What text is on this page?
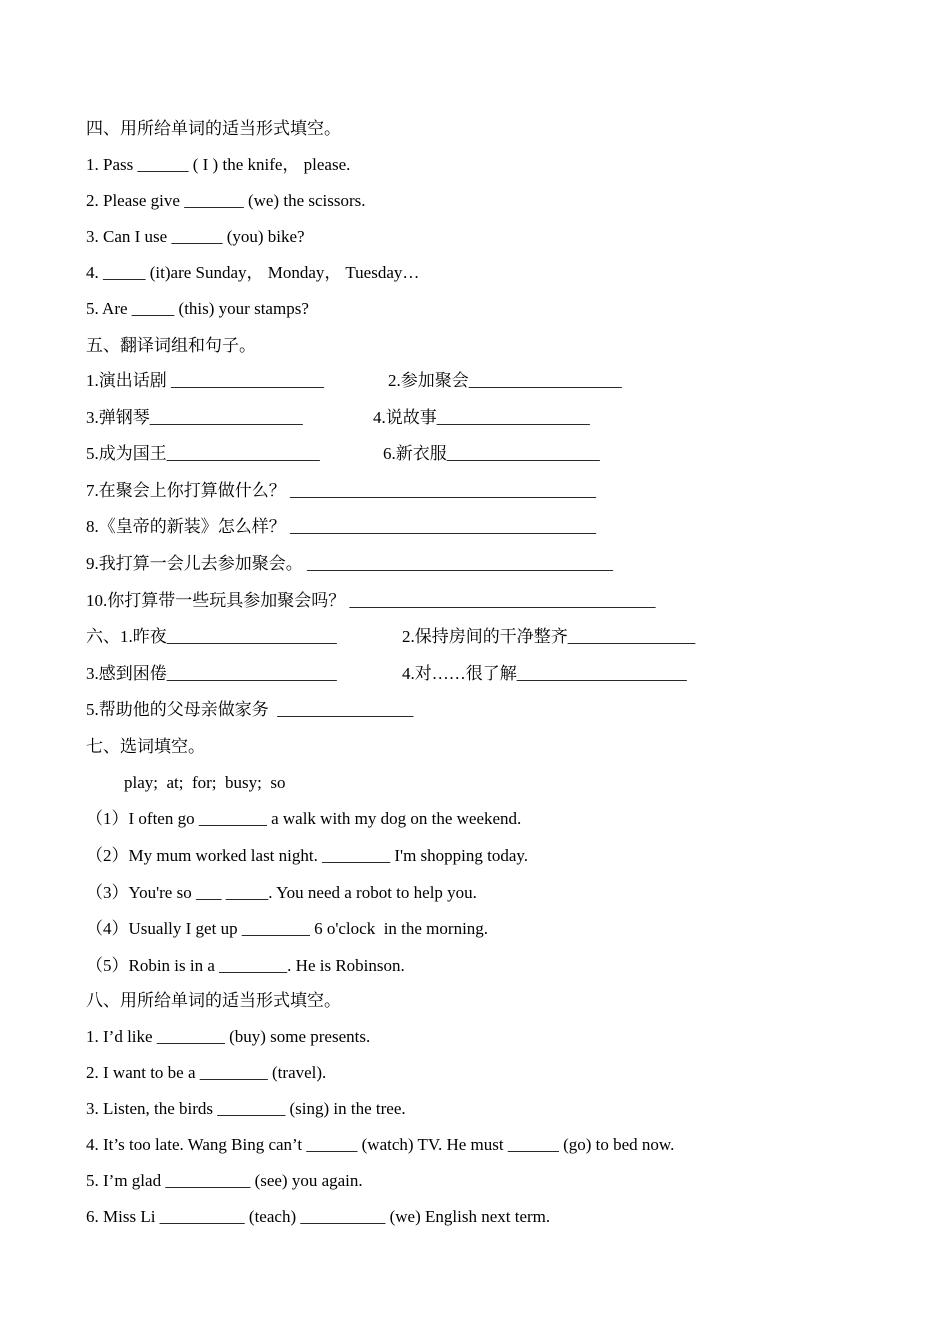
四、用所给单词的适当形式填空。
1. Pass ______ ( I ) the knife， please.
2. Please give _______ (we) the scissors.
3. Can I use ______ (you) bike?
4. _____ (it)are Sunday， Monday， Tuesday…
5. Are _____ (this) your stamps?
五、翻译词组和句子。
1.演出话剧 __________________	2.参加聚会__________________
3.弹钢琴__________________	4.说故事__________________
5.成为国王__________________	6.新衣服__________________
7.在聚会上你打算做什么？ ____________________________________
8.《皇帝的新装》怎么样？ ____________________________________
9.我打算一会儿去参加聚会。 ____________________________________
10.你打算带一些玩具参加聚会吗？ ____________________________________
六、1.昨夜____________________	2.保持房间的干净整齐_______________
3.感到困倦____________________	4.对……很了解____________________
5.帮助他的父母亲做家务  ________________
七、选词填空。
play;  at;  for;  busy;  so
（1）I often go ________ a walk with my dog on the weekend.
（2）My mum worked last night. ________ I'm shopping today.
（3）You're so ___ _____. You need a robot to help you.
（4）Usually I get up ________ 6 o'clock  in the morning.
（5）Robin is in a ________. He is Robinson.
八、用所给单词的适当形式填空。
1. I’d like ________ (buy) some presents.
2. I want to be a ________ (travel).
3. Listen, the birds ________ (sing) in the tree.
4. It’s too late. Wang Bing can’t ______ (watch) TV. He must ______ (go) to bed now.
5. I’m glad __________ (see) you again.
6. Miss Li __________ (teach) __________ (we) English next term.
